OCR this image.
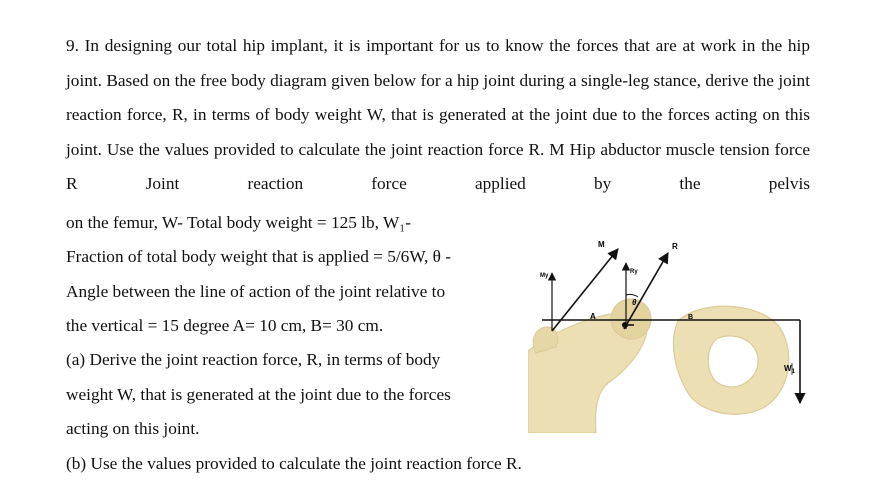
9. In designing our total hip implant, it is important for us to know the forces that are at work in the hip joint. Based on the free body diagram given below for a hip joint during a single-leg stance, derive the joint reaction force, R, in terms of body weight W, that is generated at the joint due to the forces acting on this joint. Use the values provided to calculate the joint reaction force R. M Hip abductor muscle tension force R Joint reaction force applied by the pelvis
on the femur, W- Total body weight = 125 lb, W₁-
Fraction of total body weight that is applied = 5/6W, θ -
Angle between the line of action of the joint relative to
the vertical = 15 degree A= 10 cm, B= 30 cm.
(a) Derive the joint reaction force, R, in terms of body
weight W, that is generated at the joint due to the forces
acting on this joint.
(b) Use the values provided to calculate the joint reaction force R.
M	R
My
Ry
θ
A	B
$W_1$
